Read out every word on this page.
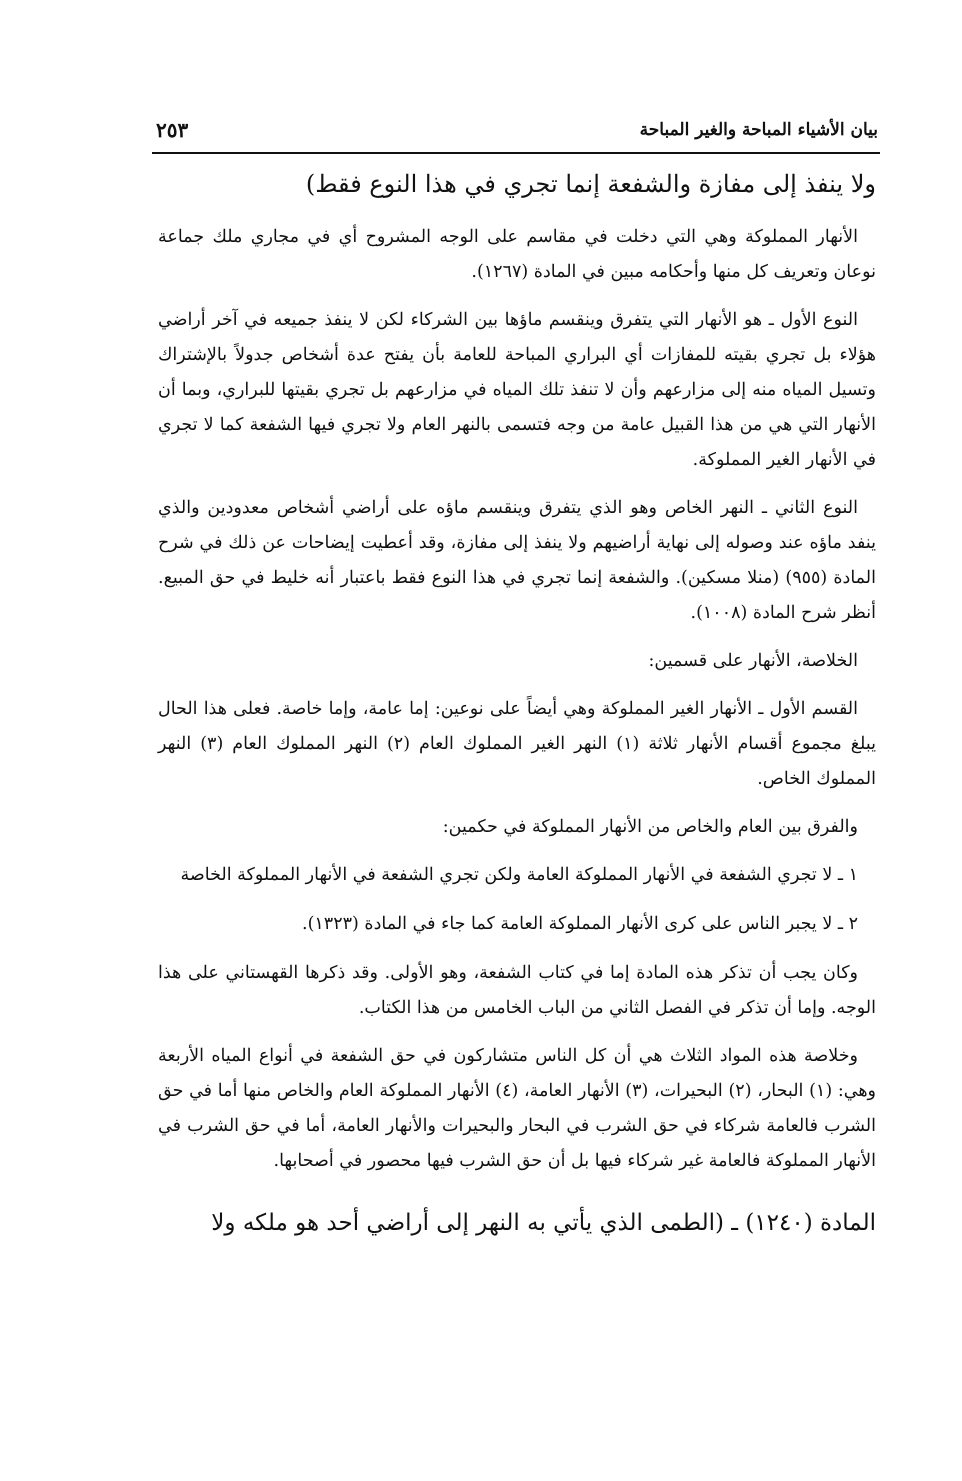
بيان الأشياء المباحة والغير المباحة
٢٥٣

ولا ينفذ إلى مفازة والشفعة إنما تجري في هذا النوع فقط)

الأنهار المملوكة وهي التي دخلت في مقاسم على الوجه المشروح أي في مجاري ملك جماعة نوعان وتعريف كل منها وأحكامه مبين في المادة (١٢٦٧).

النوع الأول ـ هو الأنهار التي يتفرق وينقسم ماؤها بين الشركاء لكن لا ينفذ جميعه في آخر أراضي هؤلاء بل تجري بقيته للمفازات أي البراري المباحة للعامة بأن يفتح عدة أشخاص جدولاً بالإشتراك وتسيل المياه منه إلى مزارعهم وأن لا تنفذ تلك المياه في مزارعهم بل تجري بقيتها للبراري، وبما أن الأنهار التي هي من هذا القبيل عامة من وجه فتسمى بالنهر العام ولا تجري فيها الشفعة كما لا تجري في الأنهار الغير المملوكة.

النوع الثاني ـ النهر الخاص وهو الذي يتفرق وينقسم ماؤه على أراضي أشخاص معدودين والذي ينفد ماؤه عند وصوله إلى نهاية أراضيهم ولا ينفذ إلى مفازة، وقد أعطيت إيضاحات عن ذلك في شرح المادة (٩٥٥) (منلا مسكين). والشفعة إنما تجري في هذا النوع فقط باعتبار أنه خليط في حق المبيع. أنظر شرح المادة (١٠٠٨).

الخلاصة، الأنهار على قسمين:

القسم الأول ـ الأنهار الغير المملوكة وهي أيضاً على نوعين: إما عامة، وإما خاصة. فعلى هذا الحال يبلغ مجموع أقسام الأنهار ثلاثة (١) النهر الغير المملوك العام (٢) النهر المملوك العام (٣) النهر المملوك الخاص.

والفرق بين العام والخاص من الأنهار المملوكة في حكمين:

١ ـ لا تجري الشفعة في الأنهار المملوكة العامة ولكن تجري الشفعة في الأنهار المملوكة الخاصة

٢ ـ لا يجبر الناس على كرى الأنهار المملوكة العامة كما جاء في المادة (١٣٢٣).

وكان يجب أن تذكر هذه المادة إما في كتاب الشفعة، وهو الأولى. وقد ذكرها القهستاني على هذا الوجه. وإما أن تذكر في الفصل الثاني من الباب الخامس من هذا الكتاب.

وخلاصة هذه المواد الثلاث هي أن كل الناس متشاركون في حق الشفعة في أنواع المياه الأربعة وهي: (١) البحار، (٢) البحيرات، (٣) الأنهار العامة، (٤) الأنهار المملوكة العام والخاص منها أما في حق الشرب فالعامة شركاء في حق الشرب في البحار والبحيرات والأنهار العامة، أما في حق الشرب في الأنهار المملوكة فالعامة غير شركاء فيها بل أن حق الشرب فيها محصور في أصحابها.

المادة (١٢٤٠) ـ (الطمى الذي يأتي به النهر إلى أراضي أحد هو ملكه ولا
